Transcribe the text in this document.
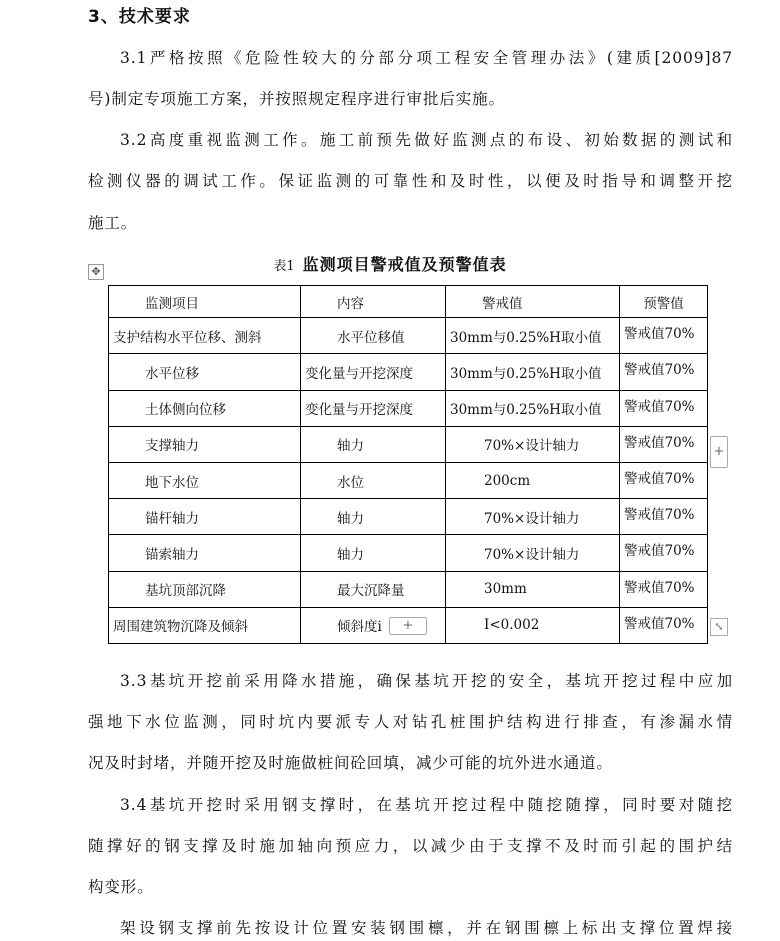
3、技术要求
3.1严格按照《危险性较大的分部分项工程安全管理办法》(建质[2009]87
号)制定专项施工方案，并按照规定程序进行审批后实施。
3.2高度重视监测工作。施工前预先做好监测点的布设、初始数据的测试和
检测仪器的调试工作。保证监测的可靠性和及时性，以便及时指导和调整开挖
施工。
表1 监测项目警戒值及预警值表
✥
监测项目	内容	警戒值	预警值
支护结构水平位移、测斜	水平位移值	30mm与0.25%H取小值	警戒值70%
水平位移	变化量与开挖深度	30mm与0.25%H取小值	警戒值70%
土体侧向位移	变化量与开挖深度	30mm与0.25%H取小值	警戒值70%
支撑轴力	轴力	70%×设计轴力	警戒值70%
地下水位	水位	200cm	警戒值70%
锚杆轴力	轴力	70%×设计轴力	警戒值70%
锚索轴力	轴力	70%×设计轴力	警戒值70%
基坑顶部沉降	最大沉降量	30mm	警戒值70%
周围建筑物沉降及倾斜	倾斜度i	I<0.002	警戒值70%
+
+	⤡
3.3基坑开挖前采用降水措施，确保基坑开挖的安全，基坑开挖过程中应加
强地下水位监测，同时坑内要派专人对钻孔桩围护结构进行排查，有渗漏水情
况及时封堵，并随开挖及时施做桩间砼回填，减少可能的坑外进水通道。
3.4基坑开挖时采用钢支撑时，在基坑开挖过程中随挖随撑，同时要对随挖
随撑好的钢支撑及时施加轴向预应力，以减少由于支撑不及时而引起的围护结
构变形。
架设钢支撑前先按设计位置安装钢围檩，并在钢围檩上标出支撑位置焊接
